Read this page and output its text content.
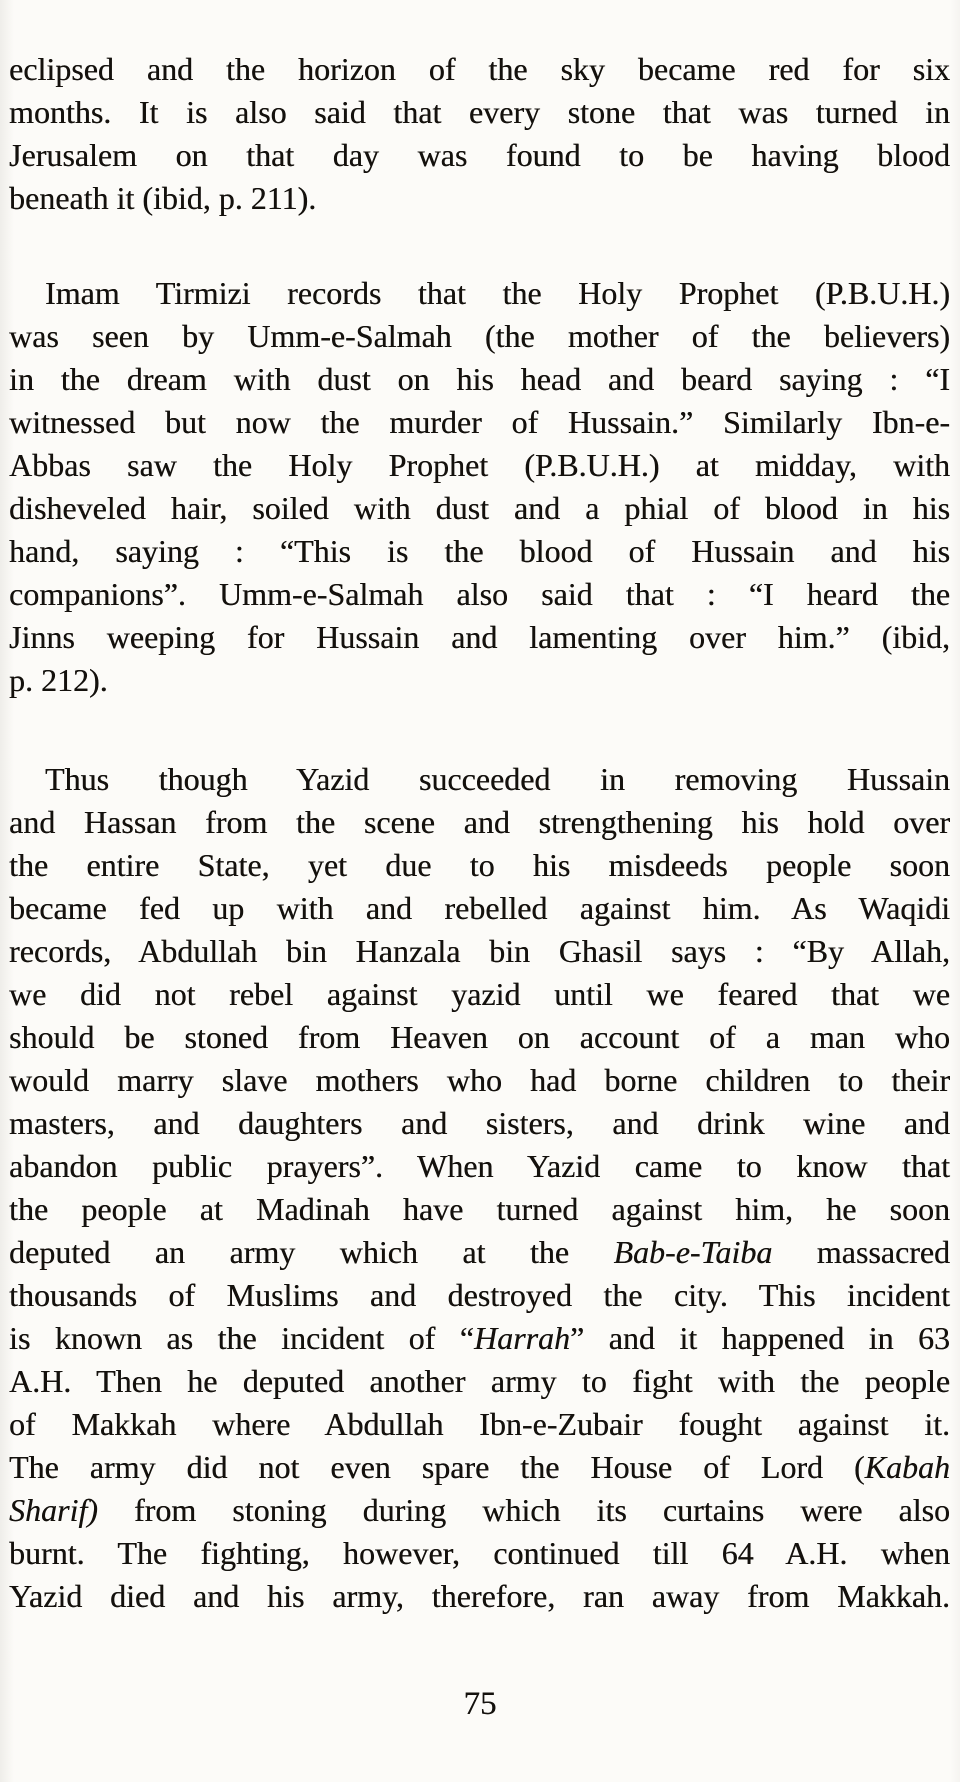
eclipsed and the horizon of the sky became red for six
months. It is also said that every stone that was turned in
Jerusalem on that day was found to be having blood
beneath it (ibid, p. 211).
Imam Tirmizi records that the Holy Prophet (P.B.U.H.)
was seen by Umm-e-Salmah (the mother of the believers)
in the dream with dust on his head and beard saying : “I
witnessed but now the murder of Hussain.” Similarly Ibn-e-
Abbas saw the Holy Prophet (P.B.U.H.) at midday, with
disheveled hair, soiled with dust and a phial of blood in his
hand, saying : “This is the blood of Hussain and his
companions”. Umm-e-Salmah also said that : “I heard the
Jinns weeping for Hussain and lamenting over him.” (ibid,
p. 212).
Thus though Yazid succeeded in removing Hussain
and Hassan from the scene and strengthening his hold over
the entire State, yet due to his misdeeds people soon
became fed up with and rebelled against him. As Waqidi
records, Abdullah bin Hanzala bin Ghasil says : “By Allah,
we did not rebel against yazid until we feared that we
should be stoned from Heaven on account of a man who
would marry slave mothers who had borne children to their
masters, and daughters and sisters, and drink wine and
abandon public prayers”. When Yazid came to know that
the people at Madinah have turned against him, he soon
deputed an army which at the Bab-e-Taiba massacred
thousands of Muslims and destroyed the city. This incident
is known as the incident of “Harrah” and it happened in 63
A.H. Then he deputed another army to fight with the people
of Makkah where Abdullah Ibn-e-Zubair fought against it.
The army did not even spare the House of Lord (Kabah
Sharif) from stoning during which its curtains were also
burnt. The fighting, however, continued till 64 A.H. when
Yazid died and his army, therefore, ran away from Makkah.
75
